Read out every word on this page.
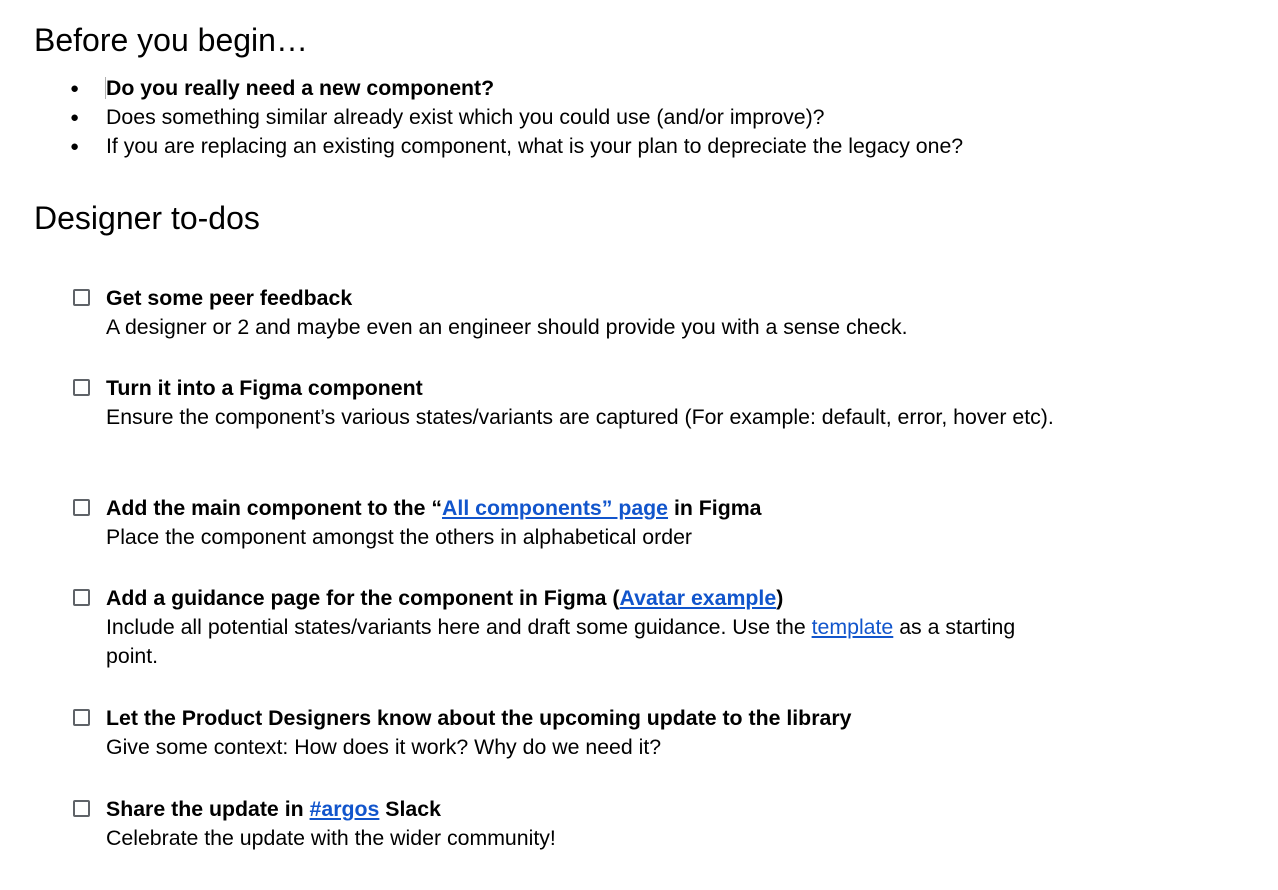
Before you begin…
● Do you really need a new component?
● Does something similar already exist which you could use (and/or improve)?
● If you are replacing an existing component, what is your plan to depreciate the legacy one?
Designer to-dos
Get some peer feedback
A designer or 2 and maybe even an engineer should provide you with a sense check.
Turn it into a Figma component
Ensure the component’s various states/variants are captured (For example: default, error, hover etc).
Add the main component to the “All components” page in Figma
Place the component amongst the others in alphabetical order
Add a guidance page for the component in Figma (Avatar example)
Include all potential states/variants here and draft some guidance. Use the template as a starting point.
Let the Product Designers know about the upcoming update to the library
Give some context: How does it work? Why do we need it?
Share the update in #argos Slack
Celebrate the update with the wider community!
